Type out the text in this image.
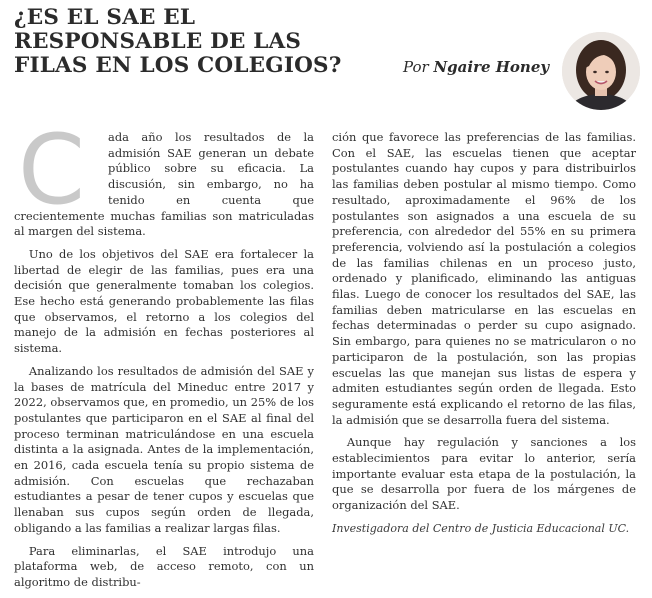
¿ES EL SAE EL
RESPONSABLE DE LAS
FILAS EN LOS COLEGIOS?	Por Ngaire Honey

C ada año los resultados de la admisión SAE generan un debate público sobre su eficacia. La discusión, sin embargo, no ha tenido en cuenta que crecientemente muchas familias son matriculadas al margen del sistema.

Uno de los objetivos del SAE era fortalecer la libertad de elegir de las familias, pues era una decisión que generalmente tomaban los colegios. Ese hecho está generando probablemente las filas que observamos, el retorno a los colegios del manejo de la admisión en fechas posteriores al sistema.

Analizando los resultados de admisión del SAE y la bases de matrícula del Mineduc entre 2017 y 2022, observamos que, en promedio, un 25% de los postulantes que participaron en el SAE al final del proceso terminan matriculándose en una escuela distinta a la asignada. Antes de la implementación, en 2016, cada escuela tenía su propio sistema de admisión. Con escuelas que rechazaban estudiantes a pesar de tener cupos y escuelas que llenaban sus cupos según orden de llegada, obligando a las familias a realizar largas filas.

Para eliminarlas, el SAE introdujo una plataforma web, de acceso remoto, con un algoritmo de distribu-

ción que favorece las preferencias de las familias. Con el SAE, las escuelas tienen que aceptar postulantes cuando hay cupos y para distribuirlos las familias deben postular al mismo tiempo. Como resultado, aproximadamente el 96% de los postulantes son asignados a una escuela de su preferencia, con alrededor del 55% en su primera preferencia, volviendo así la postulación a colegios de las familias chilenas en un proceso justo, ordenado y planificado, eliminando las antiguas filas. Luego de conocer los resultados del SAE, las familias deben matricularse en las escuelas en fechas determinadas o perder su cupo asignado. Sin embargo, para quienes no se matricularon o no participaron de la postulación, son las propias escuelas las que manejan sus listas de espera y admiten estudiantes según orden de llegada. Esto seguramente está explicando el retorno de las filas, la admisión que se desarrolla fuera del sistema.

Aunque hay regulación y sanciones a los establecimientos para evitar lo anterior, sería importante evaluar esta etapa de la postulación, la que se desarrolla por fuera de los márgenes de organización del SAE.

Investigadora del Centro de Justicia Educacional UC.
